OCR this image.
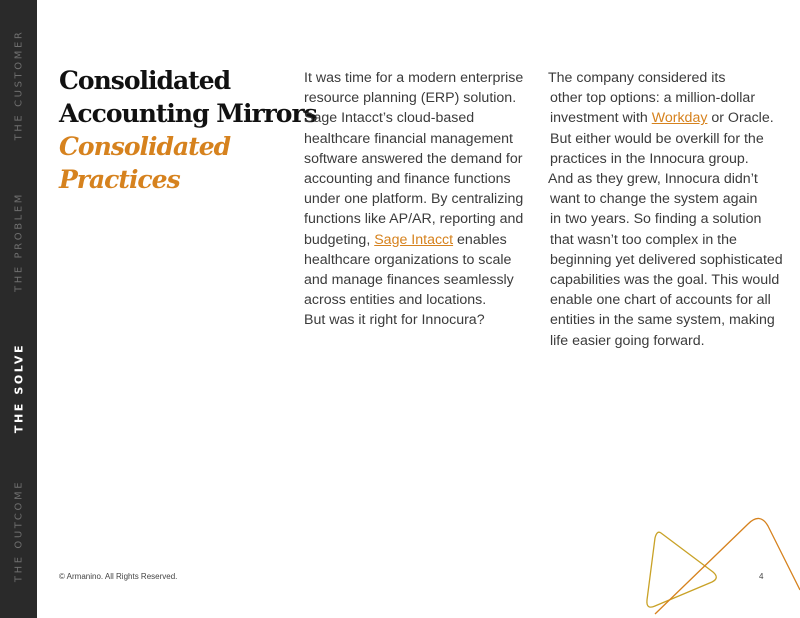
THE CUSTOMER
THE PROBLEM
THE SOLVE
THE OUTCOME
Consolidated
Accounting Mirrors
Consolidated
Practices
It was time for a modern enterprise
resource planning (ERP) solution.
Sage Intacct’s cloud-based
healthcare financial management
software answered the demand for
accounting and finance functions
under one platform. By centralizing
functions like AP/AR, reporting and
budgeting, Sage Intacct enables
healthcare organizations to scale
and manage finances seamlessly
across entities and locations.
But was it right for Innocura?
The company considered its
other top options: a million-dollar
investment with Workday or Oracle.
But either would be overkill for the
practices in the Innocura group.
And as they grew, Innocura didn’t
want to change the system again
in two years. So finding a solution
that wasn’t too complex in the
beginning yet delivered sophisticated
capabilities was the goal. This would
enable one chart of accounts for all
entities in the same system, making
life easier going forward.
© Armanino. All Rights Reserved.	4
